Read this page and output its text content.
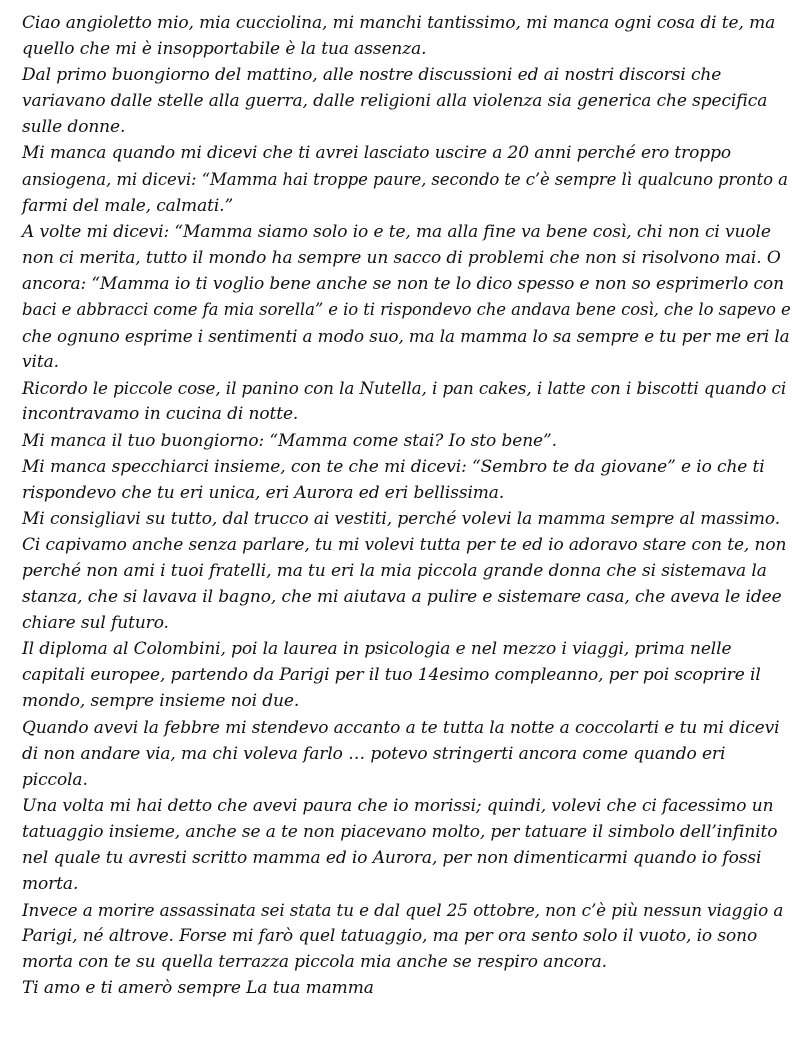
Ciao angioletto mio, mia cucciolina, mi manchi tantissimo, mi manca ogni cosa di te, ma
quello che mi è insopportabile è la tua assenza.
Dal primo buongiorno del mattino, alle nostre discussioni ed ai nostri discorsi che
variavano dalle stelle alla guerra, dalle religioni alla violenza sia generica che specifica
sulle donne.
Mi manca quando mi dicevi che ti avrei lasciato uscire a 20 anni perché ero troppo
ansiogena, mi dicevi: “Mamma hai troppe paure, secondo te c’è sempre lì qualcuno pronto a
farmi del male, calmati.”
A volte mi dicevi: “Mamma siamo solo io e te, ma alla fine va bene così, chi non ci vuole
non ci merita, tutto il mondo ha sempre un sacco di problemi che non si risolvono mai. O
ancora: “Mamma io ti voglio bene anche se non te lo dico spesso e non so esprimerlo con
baci e abbracci come fa mia sorella” e io ti rispondevo che andava bene così, che lo sapevo e
che ognuno esprime i sentimenti a modo suo, ma la mamma lo sa sempre e tu per me eri la
vita.
Ricordo le piccole cose, il panino con la Nutella, i pan cakes, i latte con i biscotti quando ci
incontravamo in cucina di notte.
Mi manca il tuo buongiorno: “Mamma come stai? Io sto bene”.
Mi manca specchiarci insieme, con te che mi dicevi: “Sembro te da giovane” e io che ti
rispondevo che tu eri unica, eri Aurora ed eri bellissima.
Mi consigliavi su tutto, dal trucco ai vestiti, perché volevi la mamma sempre al massimo.
Ci capivamo anche senza parlare, tu mi volevi tutta per te ed io adoravo stare con te, non
perché non ami i tuoi fratelli, ma tu eri la mia piccola grande donna che si sistemava la
stanza, che si lavava il bagno, che mi aiutava a pulire e sistemare casa, che aveva le idee
chiare sul futuro.
Il diploma al Colombini, poi la laurea in psicologia e nel mezzo i viaggi, prima nelle
capitali europee, partendo da Parigi per il tuo 14esimo compleanno, per poi scoprire il
mondo, sempre insieme noi due.
Quando avevi la febbre mi stendevo accanto a te tutta la notte a coccolarti e tu mi dicevi
di non andare via, ma chi voleva farlo … potevo stringerti ancora come quando eri
piccola.
Una volta mi hai detto che avevi paura che io morissi; quindi, volevi che ci facessimo un
tatuaggio insieme, anche se a te non piacevano molto, per tatuare il simbolo dell’infinito
nel quale tu avresti scritto mamma ed io Aurora, per non dimenticarmi quando io fossi
morta.
Invece a morire assassinata sei stata tu e dal quel 25 ottobre, non c’è più nessun viaggio a
Parigi, né altrove. Forse mi farò quel tatuaggio, ma per ora sento solo il vuoto, io sono
morta con te su quella terrazza piccola mia anche se respiro ancora.
Ti amo e ti amerò sempre La tua mamma
